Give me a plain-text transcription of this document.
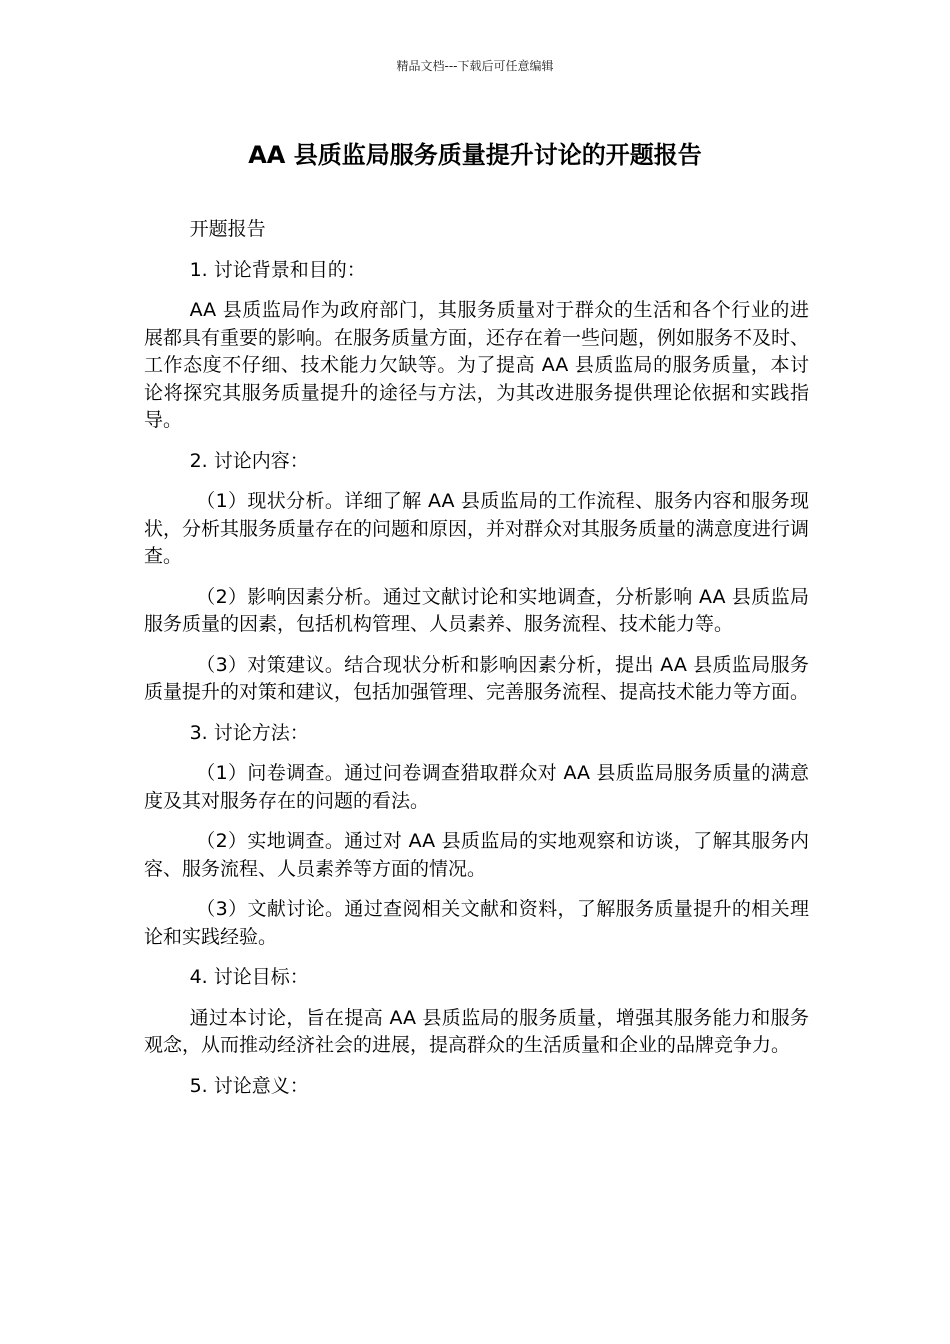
精品文档---下载后可任意编辑
AA 县质监局服务质量提升讨论的开题报告

开题报告

1. 讨论背景和目的：

AA 县质监局作为政府部门，其服务质量对于群众的生活和各个行业的进展都具有重要的影响。在服务质量方面，还存在着一些问题，例如服务不及时、工作态度不仔细、技术能力欠缺等。为了提高 AA 县质监局的服务质量，本讨论将探究其服务质量提升的途径与方法，为其改进服务提供理论依据和实践指导。

2. 讨论内容：

（1）现状分析。详细了解 AA 县质监局的工作流程、服务内容和服务现状，分析其服务质量存在的问题和原因，并对群众对其服务质量的满意度进行调查。

（2）影响因素分析。通过文献讨论和实地调查，分析影响 AA 县质监局服务质量的因素，包括机构管理、人员素养、服务流程、技术能力等。

（3）对策建议。结合现状分析和影响因素分析，提出 AA 县质监局服务质量提升的对策和建议，包括加强管理、完善服务流程、提高技术能力等方面。

3. 讨论方法：

（1）问卷调查。通过问卷调查猎取群众对 AA 县质监局服务质量的满意度及其对服务存在的问题的看法。

（2）实地调查。通过对 AA 县质监局的实地观察和访谈，了解其服务内容、服务流程、人员素养等方面的情况。

（3）文献讨论。通过查阅相关文献和资料，了解服务质量提升的相关理论和实践经验。

4. 讨论目标：

通过本讨论，旨在提高 AA 县质监局的服务质量，增强其服务能力和服务观念，从而推动经济社会的进展，提高群众的生活质量和企业的品牌竞争力。

5. 讨论意义：
